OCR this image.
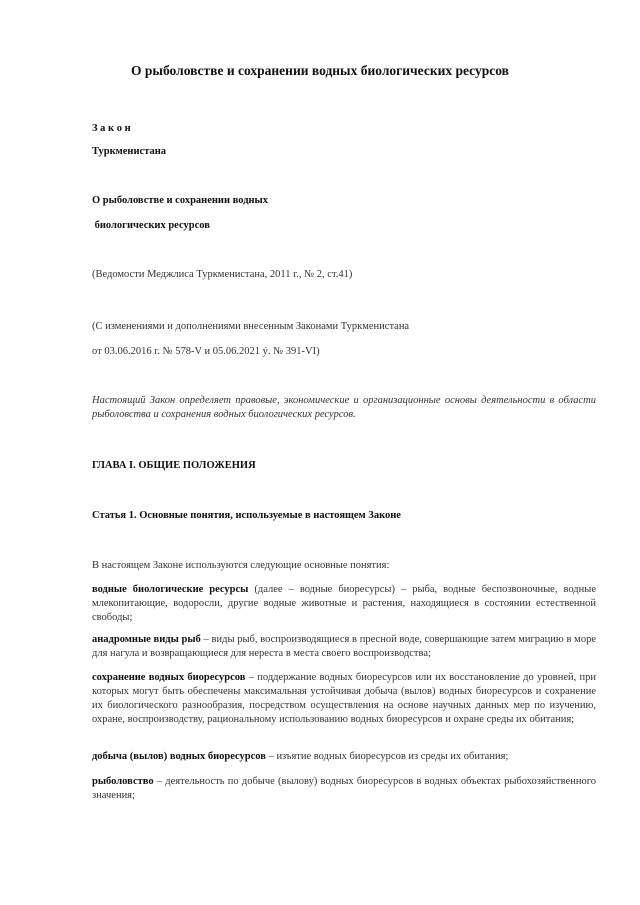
О рыболовстве и сохранении водных биологических ресурсов
З а к о н
Туркменистана
О рыболовстве и сохранении водных
биологических ресурсов
(Ведомости Меджлиса Туркменистана, 2011 г., № 2, ст.41)
(С изменениями и дополнениями внесенным Законами Туркменистана
от 03.06.2016 г. № 578-V и 05.06.2021 ý. № 391-VI)
Настоящий Закон определяет правовые, экономические и организационные основы деятельности в области рыболовства и сохранения водных биологических ресурсов.
ГЛАВА I. ОБЩИЕ ПОЛОЖЕНИЯ
Статья 1. Основные понятия, используемые в настоящем Законе
В настоящем Законе используются следующие основные понятия:
водные биологические ресурсы (далее – водные биоресурсы) – рыба, водные беспозвоночные, водные млекопитающие, водоросли, другие водные животные и растения, находящиеся в состоянии естественной свободы;
анадромные виды рыб – виды рыб, воспроизводящиеся в пресной воде, совершающие затем миграцию в море для нагула и возвращающиеся для нереста в места своего воспроизводства;
сохранение водных биоресурсов – поддержание водных биоресурсов или их восстановление до уровней, при которых могут быть обеспечены максимальная устойчивая добыча (вылов) водных биоресурсов и сохранение их биологического разнообразия, посредством осуществления на основе научных данных мер по изучению, охране, воспроизводству, рациональному использованию водных биоресурсов и охране среды их обитания;
добыча (вылов) водных биоресурсов – изъятие водных биоресурсов из среды их обитания;
рыболовство – деятельность по добыче (вылову) водных биоресурсов в водных объектах рыбохозяйственного значения;
